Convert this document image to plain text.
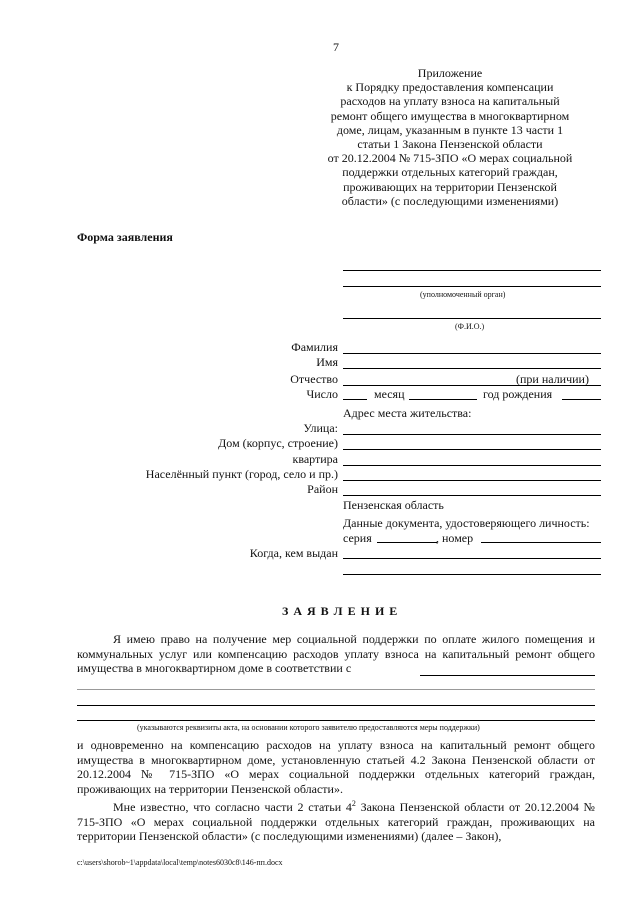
7
Приложение
к Порядку предоставления компенсации
расходов на уплату взноса на капитальный
ремонт общего имущества в многоквартирном
доме, лицам, указанным в пункте 13 части 1
статьи 1 Закона Пензенской области
от 20.12.2004 № 715-ЗПО «О мерах социальной
поддержки отдельных категорий граждан,
проживающих на территории Пензенской
области» (с последующими изменениями)
Форма заявления
(уполномоченный орган)
(Ф.И.О.)
Фамилия
Имя
Отчество	(при наличии)
Число	месяц	год рождения
Адрес места жительства:
Улица:
Дом (корпус, строение)
квартира
Населённый пункт (город, село и пр.)
Район
Пензенская область
Данные документа, удостоверяющего личность:
серия	, номер
Когда, кем выдан
З А Я В Л Е Н И Е
Я имею право на получение мер социальной поддержки по оплате жилого помещения и коммунальных услуг или компенсацию расходов уплату взноса на капитальный ремонт общего имущества в многоквартирном доме в соответствии с
(указываются реквизиты акта, на основании которого заявителю предоставляются меры поддержки)
и одновременно на компенсацию расходов на уплату взноса на капитальный ремонт общего имущества в многоквартирном доме, установленную статьей 4.2 Закона Пензенской области от 20.12.2004 № 715-ЗПО «О мерах социальной поддержки отдельных категорий граждан, проживающих на территории Пензенской области».
Мне известно, что согласно части 2 статьи $4^2$ Закона Пензенской области от 20.12.2004 № 715-ЗПО «О мерах социальной поддержки отдельных категорий граждан, проживающих на территории Пензенской области» (с последующими изменениями) (далее – Закон),
c:\users\shorob~1\appdata\local\temp\notes6030c8\146-пп.docx
